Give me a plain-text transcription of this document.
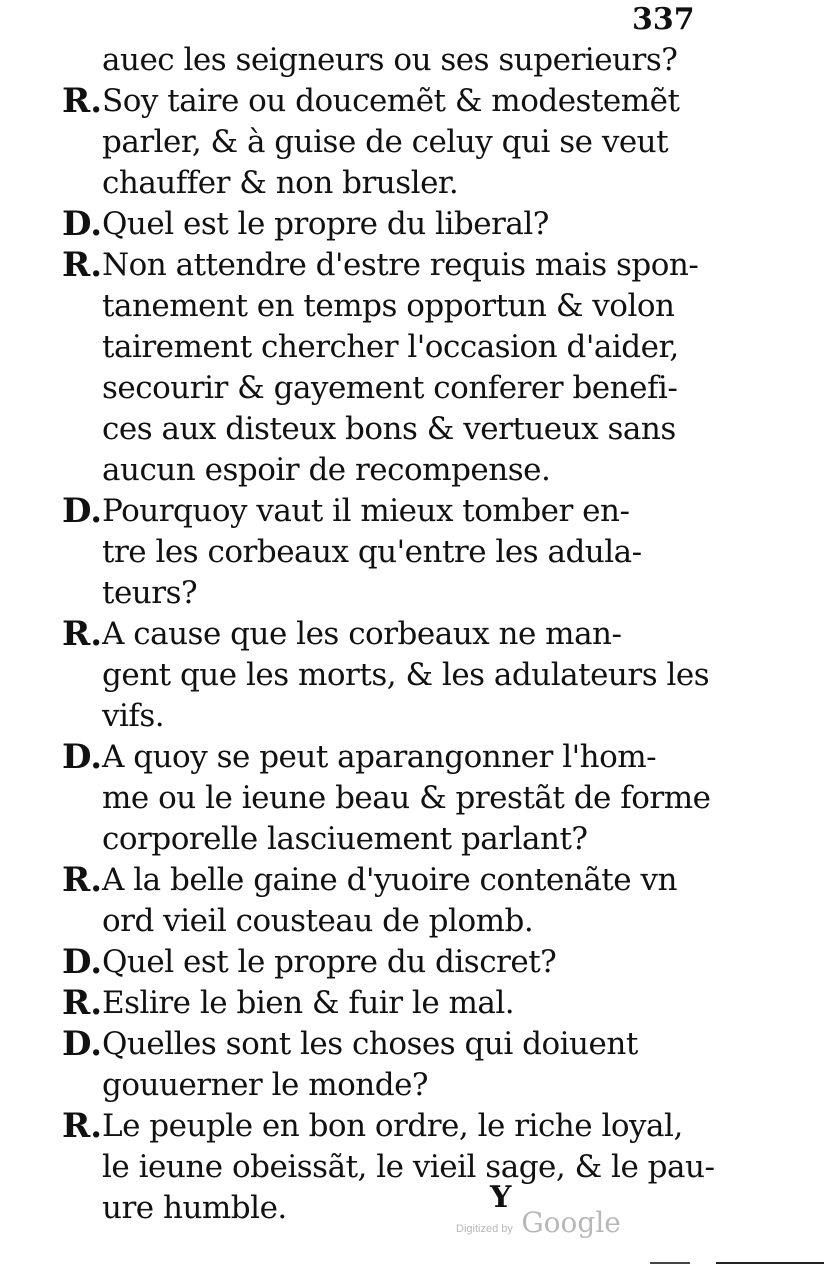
337
auec les seigneurs ou ses superieurs?
R. Soy taire ou doucemẽt & modestemẽt
parler, & à guise de celuy qui se veut
chauffer & non brusler.
D. Quel est le propre du liberal?
R. Non attendre d'estre requis mais spon-
tanement en temps opportun & volon
tairement chercher l'occasion d'aider,
secourir & gayement conferer benefi-
ces aux disteux bons & vertueux sans
aucun espoir de recompense.
D. Pourquoy vaut il mieux tomber en-
tre les corbeaux qu'entre les adula-
teurs?
R. A cause que les corbeaux ne man-
gent que les morts, & les adulateurs les
vifs.
D. A quoy se peut aparangonner l'hom-
me ou le ieune beau & prestãt de forme
corporelle lasciuement parlant?
R. A la belle gaine d'yuoire contenãte vn
ord vieil cousteau de plomb.
D. Quel est le propre du discret?
R. Eslire le bien & fuir le mal.
D. Quelles sont les choses qui doiuent
gouuerner le monde?
R. Le peuple en bon ordre, le riche loyal,
le ieune obeissãt, le vieil sage, & le pau-
ure humble.	Y
Digitized by Google
